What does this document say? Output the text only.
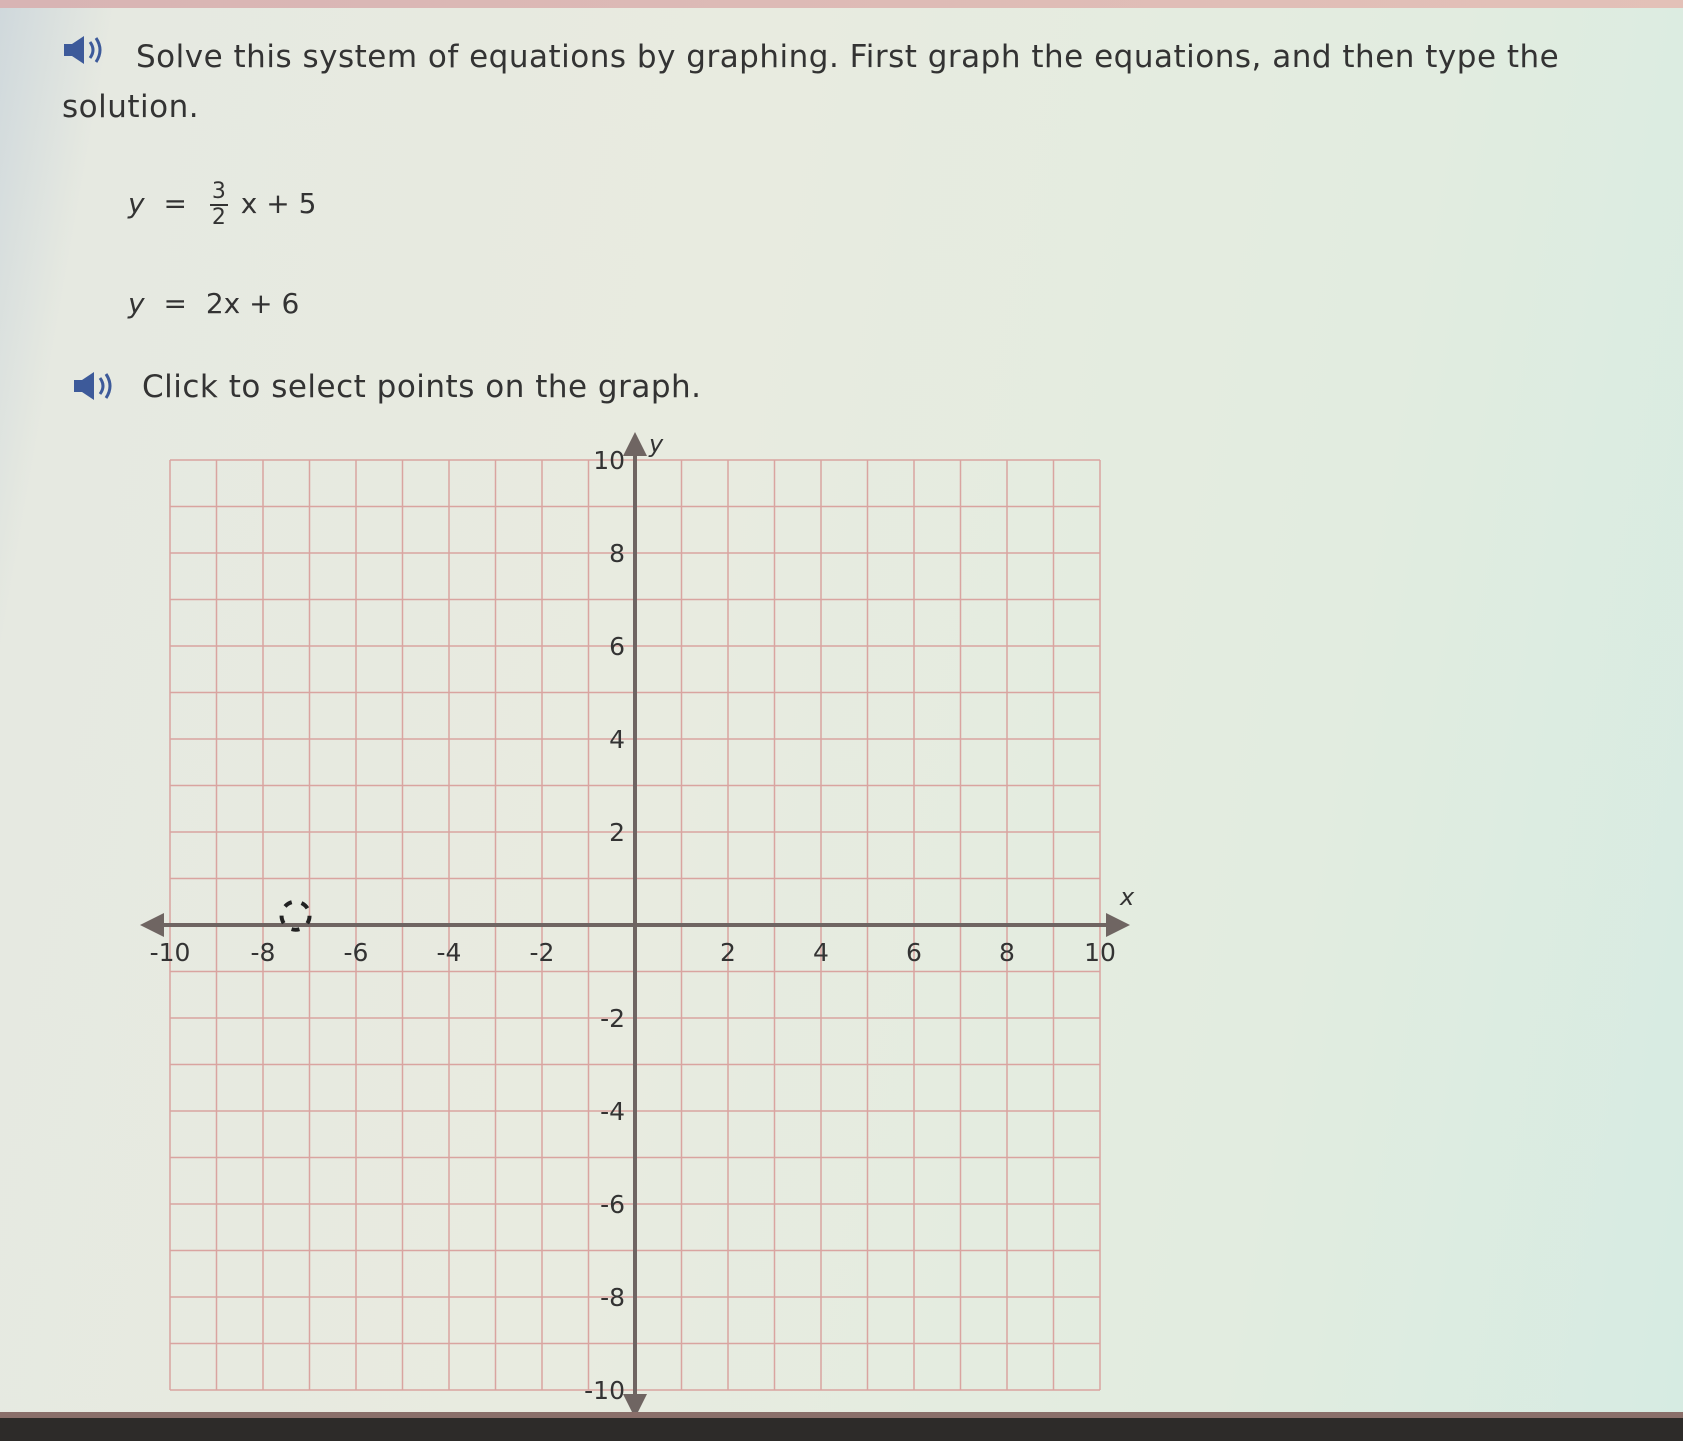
Solve this system of equations by graphing. First graph the equations, and then type the
solution.
$y = \frac{3}{2}$ x + 5
y = 2x + 6
Click to select points on the graph.
x
y
-10 -8	-6	-4	-2	2	4	6	8	10
10
8
6
4
2
-2
-4
-6
-8
-10
